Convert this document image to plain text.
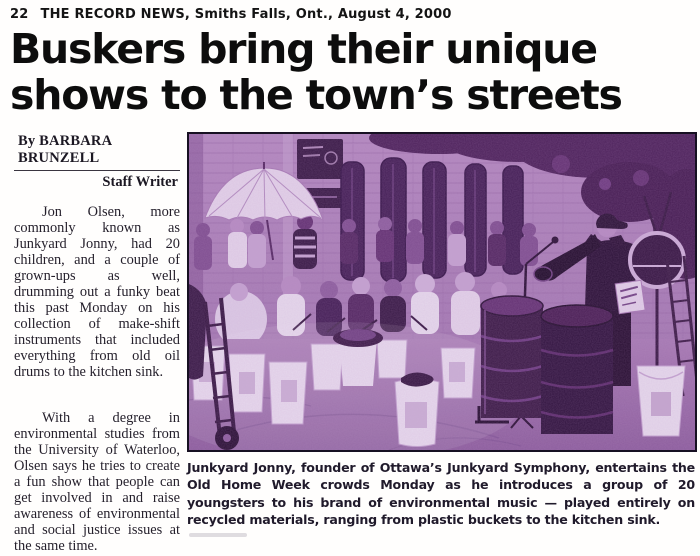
22 THE RECORD NEWS, Smiths Falls, Ont., August 4, 2000
Buskers bring their unique
shows to the town’s streets
By BARBARA BRUNZELL
Staff Writer

Jon Olsen, more commonly known as Junkyard Jonny, had 20 children, and a couple of grown-ups as well, drumming out a funky beat this past Monday on his collection of make-shift instruments that included everything from old oil drums to the kitchen sink.

With a degree in environmental studies from the University of Waterloo, Olsen says he tries to create a fun show that people can get involved in and raise awareness of environmental and social justice issues at the same time.

Junkyard Jonny, founder of Ottawa’s Junkyard Symphony, entertains the Old Home Week crowds Monday as he introduces a group of 20 youngsters to his brand of environmental music — played entirely on recycled materials, ranging from plastic buckets to the kitchen sink.
